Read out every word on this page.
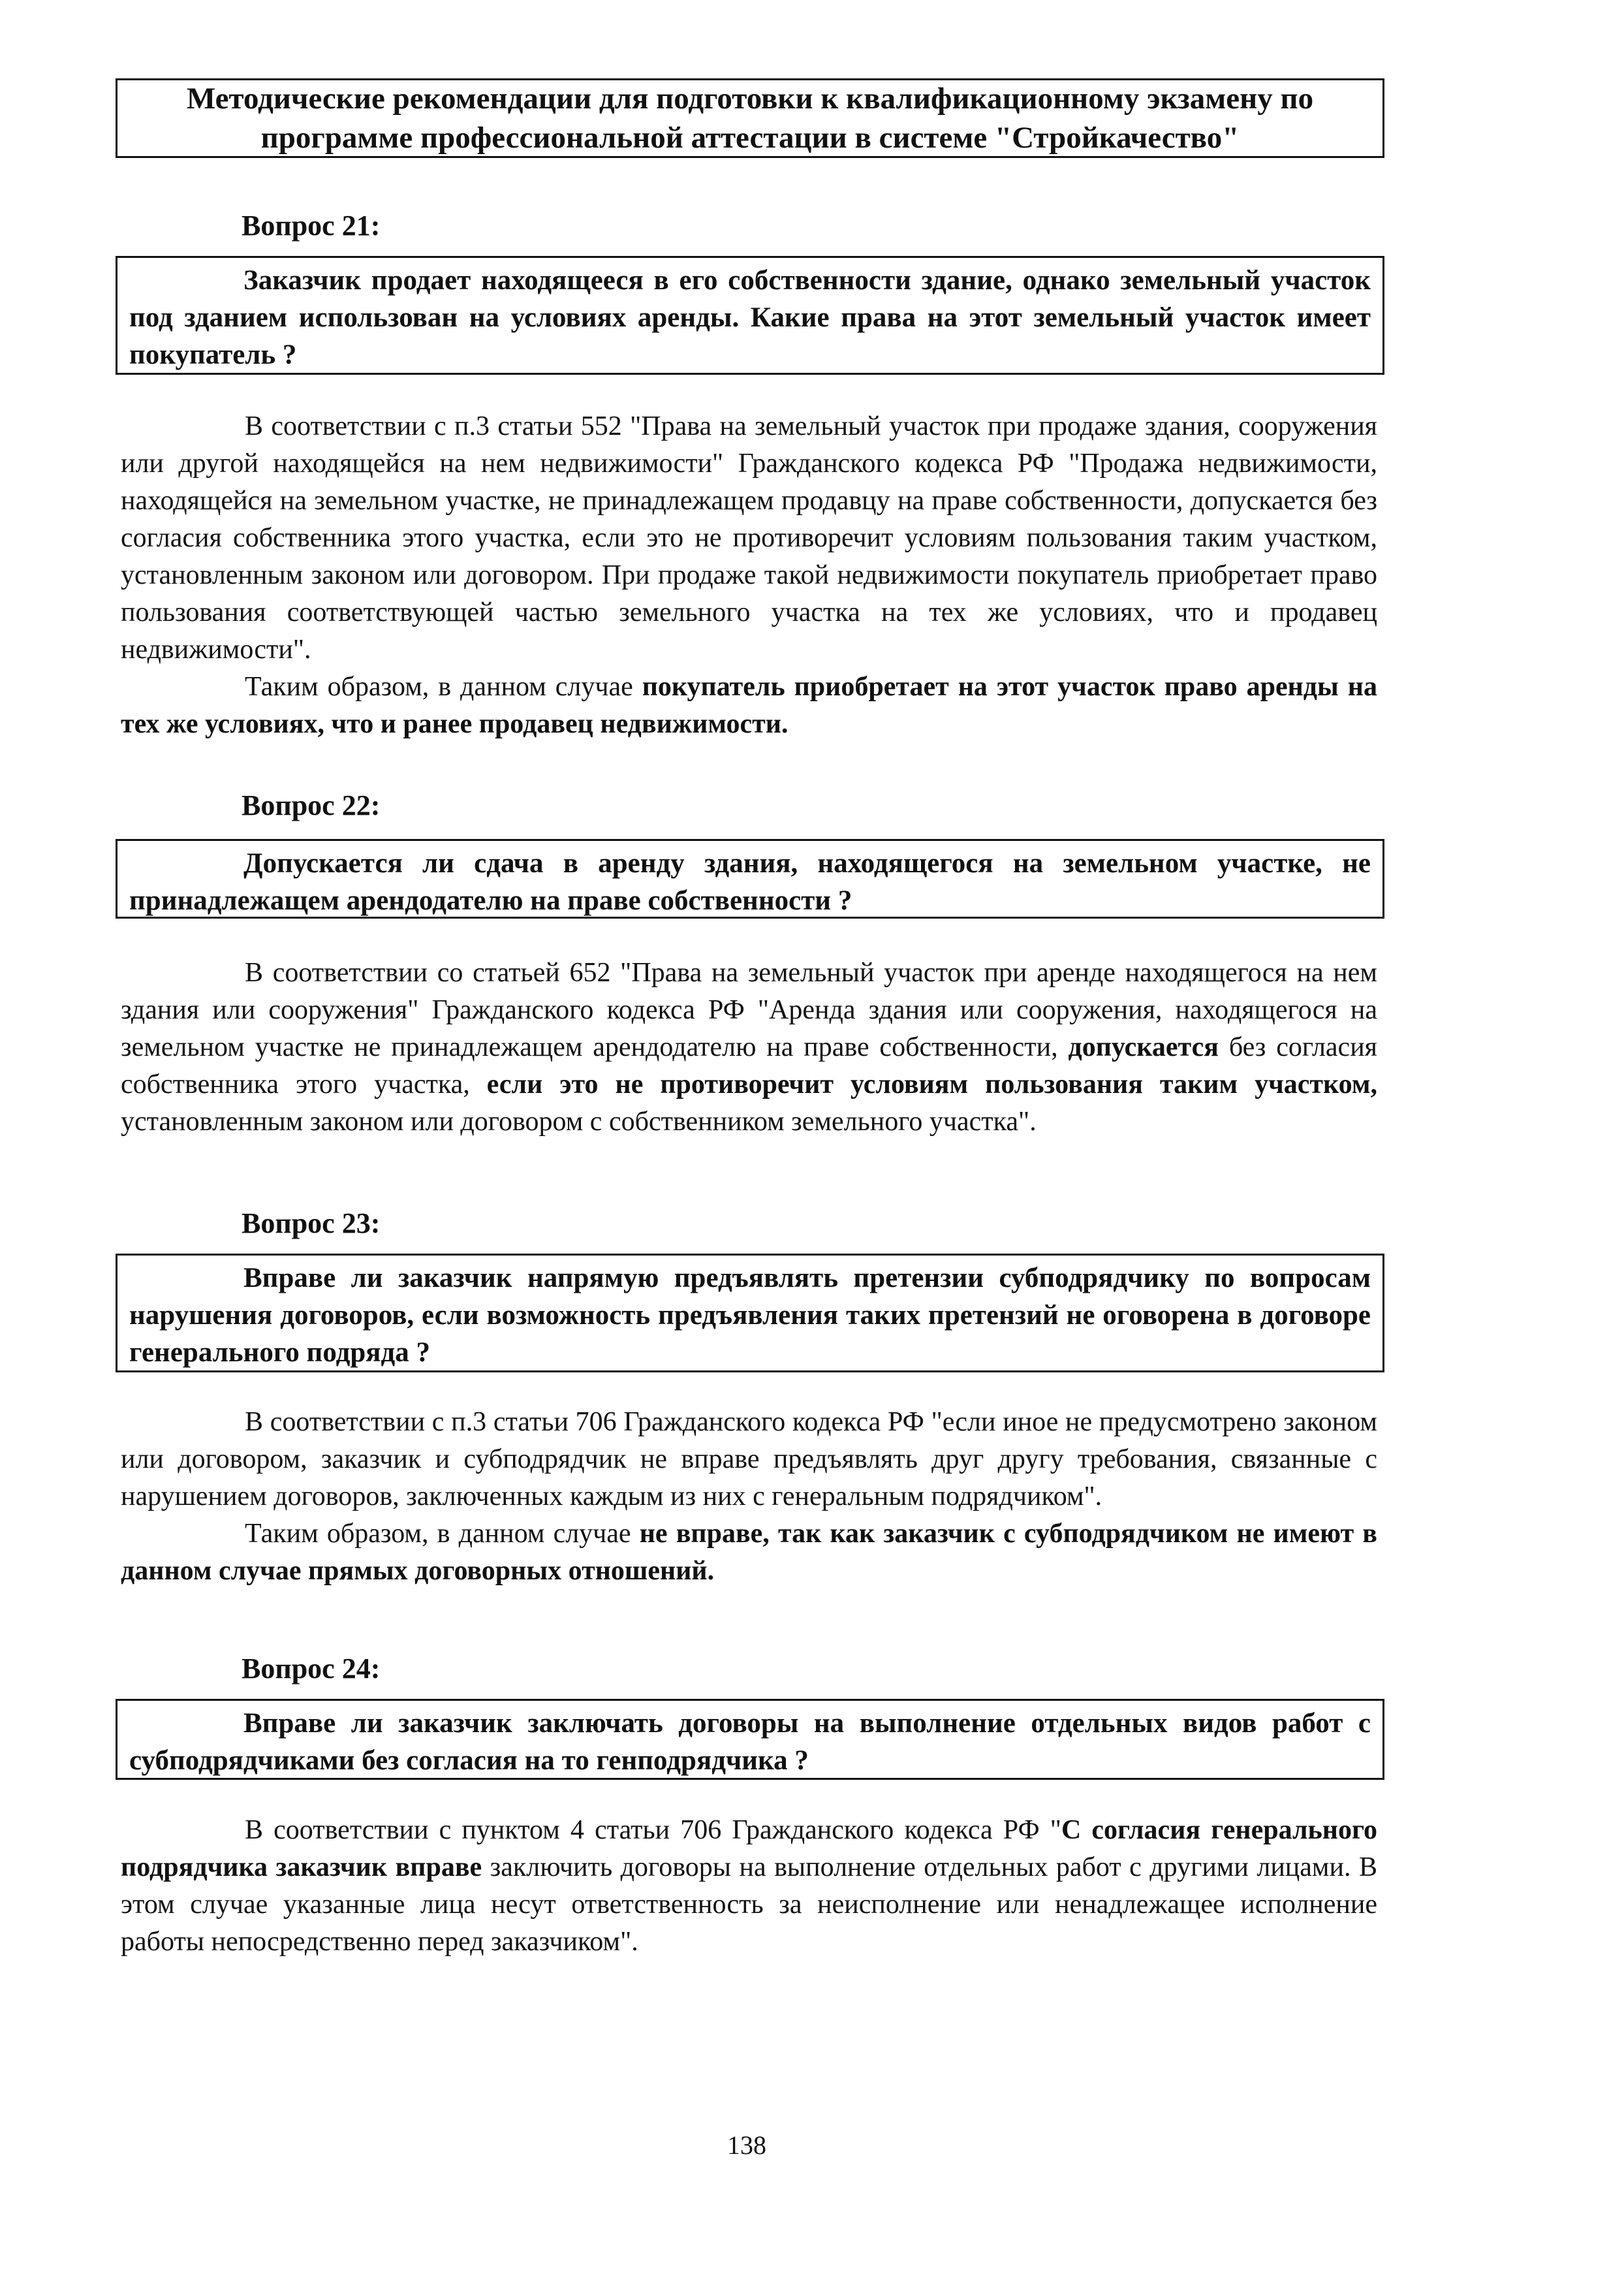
Методические рекомендации для подготовки к квалификационному экзамену по
программе профессиональной аттестации в системе "Стройкачество"
Вопрос 21:
Заказчик продает находящееся в его собственности здание, однако земельный участок под зданием использован на условиях аренды. Какие права на этот земельный участок имеет покупатель ?

В соответствии с п.3 статьи 552 "Права на земельный участок при продаже здания, сооружения или другой находящейся на нем недвижимости" Гражданского кодекса РФ "Продажа недвижимости, находящейся на земельном участке, не принадлежащем продавцу на праве собственности, допускается без согласия собственника этого участка, если это не противоречит условиям пользования таким участком, установленным законом или договором. При продаже такой недвижимости покупатель приобретает право пользования соответствующей частью земельного участка на тех же условиях, что и продавец недвижимости".

Таким образом, в данном случае покупатель приобретает на этот участок право аренды на тех же условиях, что и ранее продавец недвижимости.

Вопрос 22:
Допускается ли сдача в аренду здания, находящегося на земельном участке, не принадлежащем арендодателю на праве собственности ?

В соответствии со статьей 652 "Права на земельный участок при аренде находящегося на нем здания или сооружения" Гражданского кодекса РФ "Аренда здания или сооружения, находящегося на земельном участке не принадлежащем арендодателю на праве собственности, допускается без согласия собственника этого участка, если это не противоречит условиям пользования таким участком, установленным законом или договором с собственником земельного участка".

Вопрос 23:
Вправе ли заказчик напрямую предъявлять претензии субподрядчику по вопросам нарушения договоров, если возможность предъявления таких претензий не оговорена в договоре генерального подряда ?

В соответствии с п.3 статьи 706 Гражданского кодекса РФ "если иное не предусмотрено законом или договором, заказчик и субподрядчик не вправе предъявлять друг другу требования, связанные с нарушением договоров, заключенных каждым из них с генеральным подрядчиком".

Таким образом, в данном случае не вправе, так как заказчик с субподрядчиком не имеют в данном случае прямых договорных отношений.

Вопрос 24:
Вправе ли заказчик заключать договоры на выполнение отдельных видов работ с субподрядчиками без согласия на то генподрядчика ?

В соответствии с пунктом 4 статьи 706 Гражданского кодекса РФ "С согласия генерального подрядчика заказчик вправе заключить договоры на выполнение отдельных работ с другими лицами. В этом случае указанные лица несут ответственность за неисполнение или ненадлежащее исполнение работы непосредственно перед заказчиком".

138
